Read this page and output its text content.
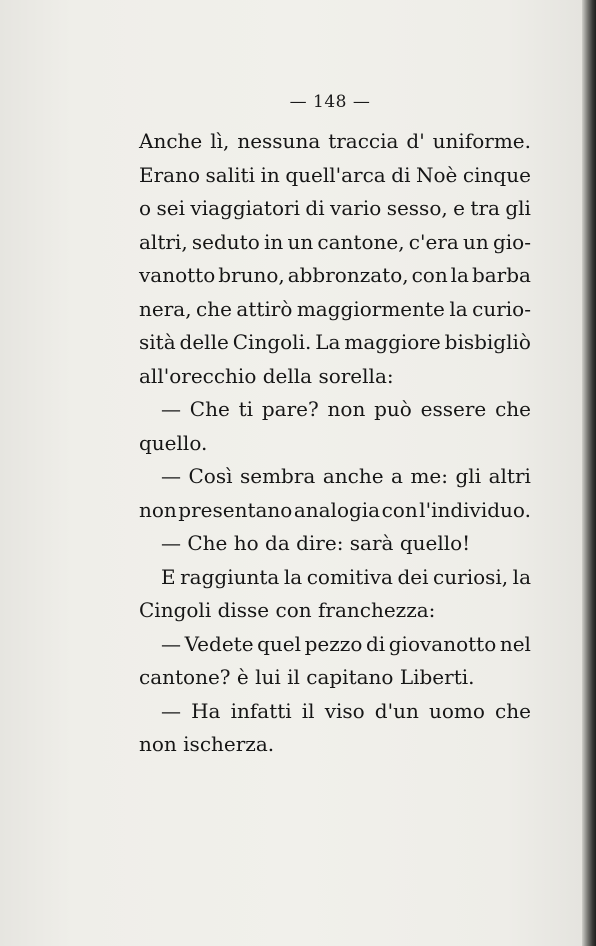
— 148 —
Anche lì, nessuna traccia d' uniforme.
Erano saliti in quell'arca di Noè cinque
o sei viaggiatori di vario sesso, e tra gli
altri, seduto in un cantone, c'era un gio-
vanotto bruno, abbronzato, con la barba
nera, che attirò maggiormente la curio-
sità delle Cingoli. La maggiore bisbigliò
all'orecchio della sorella:
— Che ti pare? non può essere che
quello.
— Così sembra anche a me: gli altri
non presentano analogia con l'individuo.
— Che ho da dire: sarà quello!
E raggiunta la comitiva dei curiosi, la
Cingoli disse con franchezza:
— Vedete quel pezzo di giovanotto nel
cantone? è lui il capitano Liberti.
— Ha infatti il viso d'un uomo che
non ischerza.
